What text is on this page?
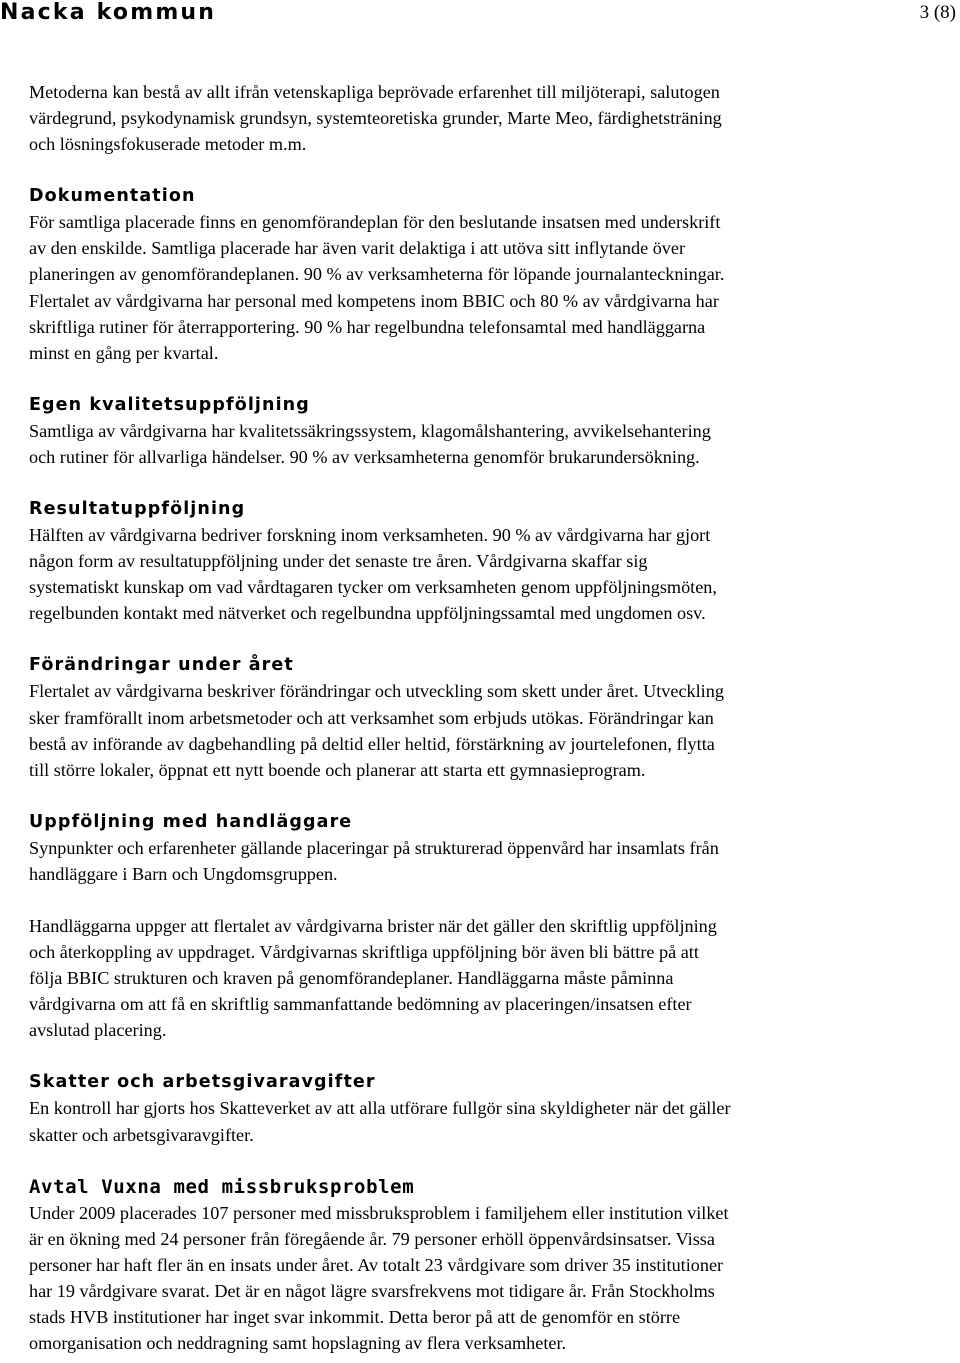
Nacka kommun	3 (8)
Metoderna kan bestå av allt ifrån vetenskapliga beprövade erfarenhet till miljöterapi, salutogen
värdegrund, psykodynamisk grundsyn, systemteoretiska grunder, Marte Meo, färdighetsträning
och lösningsfokuserade metoder m.m.
Dokumentation
För samtliga placerade finns en genomförandeplan för den beslutande insatsen med underskrift
av den enskilde. Samtliga placerade har även varit delaktiga i att utöva sitt inflytande över
planeringen av genomförandeplanen. 90 % av verksamheterna för löpande journalanteckningar.
Flertalet av vårdgivarna har personal med kompetens inom BBIC och 80 % av vårdgivarna har
skriftliga rutiner för återrapportering. 90 % har regelbundna telefonsamtal med handläggarna
minst en gång per kvartal.
Egen kvalitetsuppföljning
Samtliga av vårdgivarna har kvalitetssäkringssystem, klagomålshantering, avvikelsehantering
och rutiner för allvarliga händelser. 90 % av verksamheterna genomför brukarundersökning.
Resultatuppföljning
Hälften av vårdgivarna bedriver forskning inom verksamheten. 90 % av vårdgivarna har gjort
någon form av resultatuppföljning under det senaste tre åren. Vårdgivarna skaffar sig
systematiskt kunskap om vad vårdtagaren tycker om verksamheten genom uppföljningsmöten,
regelbunden kontakt med nätverket och regelbundna uppföljningssamtal med ungdomen osv.
Förändringar under året
Flertalet av vårdgivarna beskriver förändringar och utveckling som skett under året. Utveckling
sker framförallt inom arbetsmetoder och att verksamhet som erbjuds utökas. Förändringar kan
bestå av införande av dagbehandling på deltid eller heltid, förstärkning av jourtelefonen, flytta
till större lokaler, öppnat ett nytt boende och planerar att starta ett gymnasieprogram.
Uppföljning med handläggare
Synpunkter och erfarenheter gällande placeringar på strukturerad öppenvård har insamlats från
handläggare i Barn och Ungdomsgruppen.
Handläggarna uppger att flertalet av vårdgivarna brister när det gäller den skriftlig uppföljning
och återkoppling av uppdraget. Vårdgivarnas skriftliga uppföljning bör även bli bättre på att
följa BBIC strukturen och kraven på genomförandeplaner. Handläggarna måste påminna
vårdgivarna om att få en skriftlig sammanfattande bedömning av placeringen/insatsen efter
avslutad placering.
Skatter och arbetsgivaravgifter
En kontroll har gjorts hos Skatteverket av att alla utförare fullgör sina skyldigheter när det gäller
skatter och arbetsgivaravgifter.
Avtal Vuxna med missbruksproblem
Under 2009 placerades 107 personer med missbruksproblem i familjehem eller institution vilket
är en ökning med 24 personer från föregående år. 79 personer erhöll öppenvårdsinsatser. Vissa
personer har haft fler än en insats under året. Av totalt 23 vårdgivare som driver 35 institutioner
har 19 vårdgivare svarat. Det är en något lägre svarsfrekvens mot tidigare år. Från Stockholms
stads HVB institutioner har inget svar inkommit. Detta beror på att de genomför en större
omorganisation och neddragning samt hopslagning av flera verksamheter.
